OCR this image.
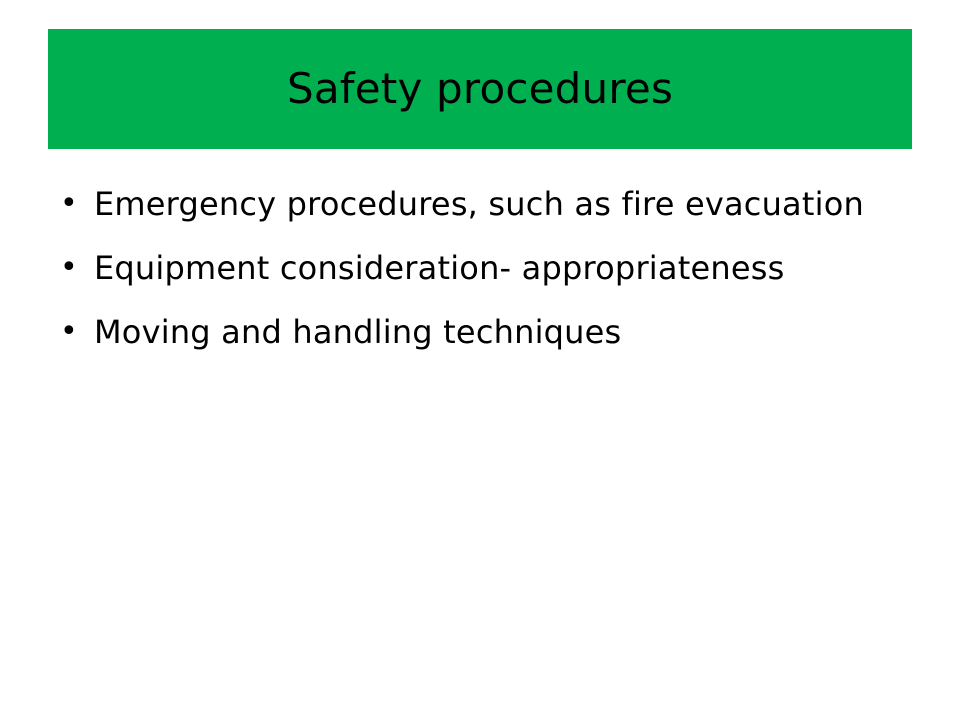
Safety procedures
• Emergency procedures, such as fire evacuation
• Equipment consideration- appropriateness
• Moving and handling techniques
